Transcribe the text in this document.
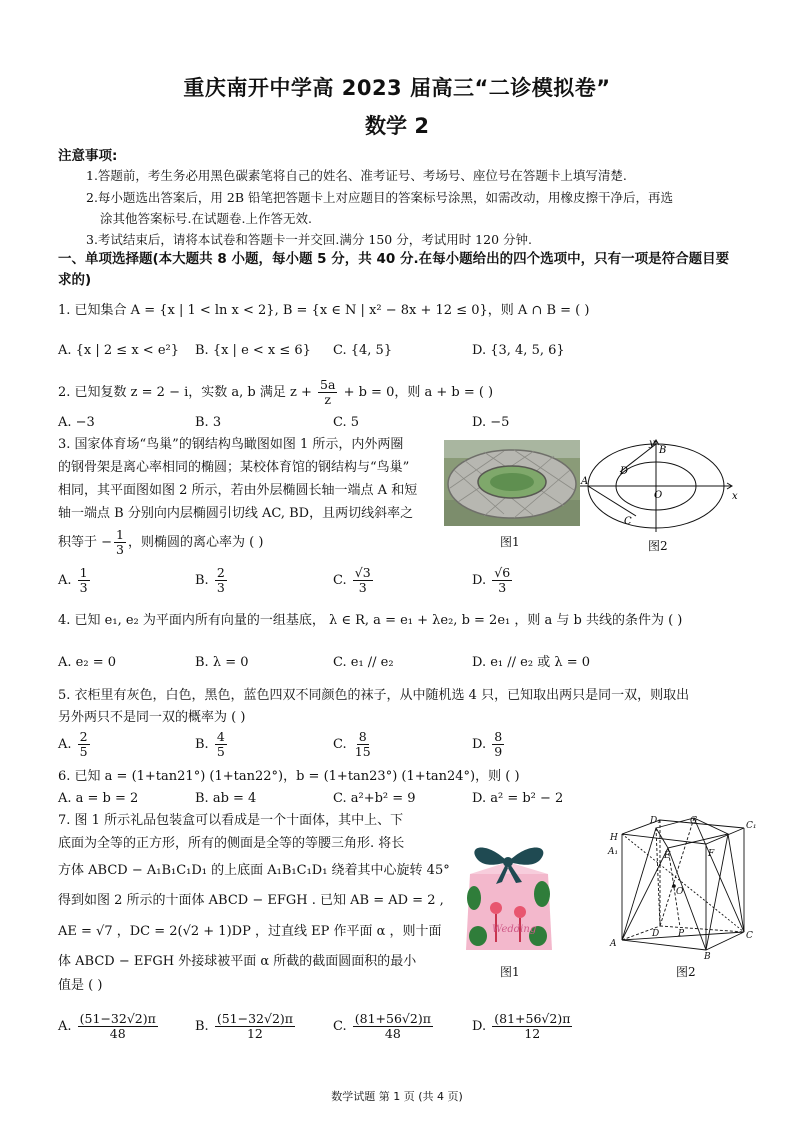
重庆南开中学高 2023 届高三“二诊模拟卷”
数学 2
注意事项:
1.答题前，考生务必用黑色碳素笔将自己的姓名、准考证号、考场号、座位号在答题卡上填写清楚.
2.每小题选出答案后，用 2B 铅笔把答题卡上对应题目的答案标号涂黑，如需改动，用橡皮擦干净后，再选
涂其他答案标号.在试题卷.上作答无效.
3.考试结束后，请将本试卷和答题卡一并交回.满分 150 分，考试用时 120 分钟.
一、单项选择题(本大题共 8 小题，每小题 5 分，共 40 分.在每小题给出的四个选项中，只有一项是符合题目要
求的)
1. 已知集合 A = {x | 1 < ln x < 2}, B = {x ∈ N | x² − 8x + 12 ≤ 0}，则 A ∩ B = ( )
A. {x | 2 ≤ x < e²} B. {x | e < x ≤ 6} C. {4, 5}	D. {3, 4, 5, 6}
2. 已知复数 z = 2 − i，实数 a, b 满足 $z + \frac{5a}{z} + b = 0$，则 a + b = ( )
A. −3	B. 3	C. 5	D. −5
3. 国家体育场“鸟巢”的钢结构鸟瞰图如图 1 所示，内外两圈
的钢骨架是离心率相同的椭圆；某校体育馆的钢结构与“鸟巢”
相同，其平面图如图 2 所示，若由外层椭圆长轴一端点 A 和短
轴一端点 B 分别向内层椭圆引切线 AC, BD，且两切线斜率之
积等于 − $\frac{1}{3}$ ，则椭圆的离心率为 ( )	图1
y
x
B
D
A
O
C
图2
A. $\frac{1}{3}$	B. $\frac{2}{3}$	C. $\frac{√3}{3}$	D. $\frac{√6}{3}$
4. 已知 e₁, e₂ 为平面内所有向量的一组基底， λ ∈ R, a = e₁ + λe₂, b = 2e₁ ，则 a 与 b 共线的条件为 ( )
A. e₂ = 0	B. λ = 0	C. e₁ // e₂	D. e₁ // e₂ 或 λ = 0
5. 衣柜里有灰色，白色，黑色，蓝色四双不同颜色的袜子，从中随机选 4 只，已知取出两只是同一双，则取出
另外两只不是同一双的概率为 ( )
A. $\frac{2}{5}$	B. $\frac{4}{5}$	C. $\frac{8}{15}$	D. $\frac{8}{9}$
6. 已知 a = (1+tan21°) (1+tan22°)，b = (1+tan23°) (1+tan24°)，则 ( )
A. a = b = 2	B. ab = 4	C. a²+b² = 9	D. a² = b² − 2
7. 图 1 所示礼品包装盒可以看成是一个十面体，其中上、下
底面为全等的正方形，所有的侧面是全等的等腰三角形. 将长
方体 ABCD − A₁B₁C₁D₁ 的上底面 A₁B₁C₁D₁ 绕着其中心旋转 45°
得到如图 2 所示的十面体 ABCD − EFGH . 已知 AB = AD = 2 ,
AE = √7 ，DC = 2(√2 + 1)DP ，过直线 EP 作平面 α ，则十面
体 ABCD − EFGH 外接球被平面 α 所截的截面圆面积的最小
值是 ( )
Wedding
图1
D₁	G	C₁
H
A₁	F
E
O
A
D P	C
B
图2
A. $\frac{(51-32√2)\pi}{48}$	B. $\frac{(51-32√2)\pi}{12}$	C. $\frac{(81+56√2)\pi}{48}$	D. $\frac{(81+56√2)\pi}{12}$
数学试题 第 1 页 (共 4 页)
